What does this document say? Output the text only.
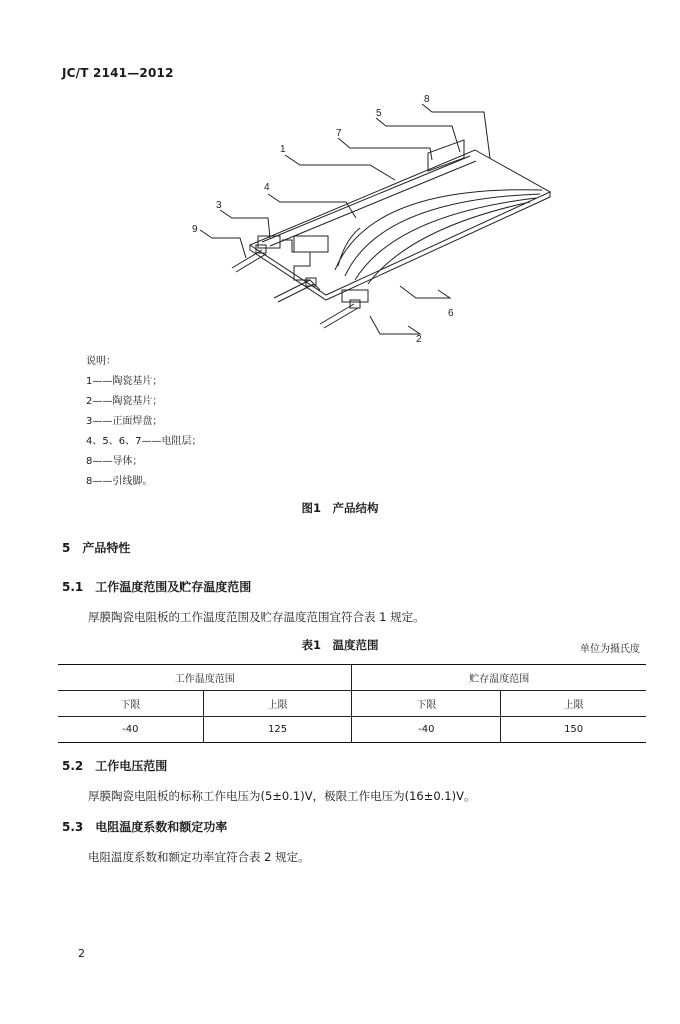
JC/T 2141—2012
1
2
3
4
5
6
7
8
9
说明：
1——陶瓷基片；
2——陶瓷基片；
3——正面焊盘；
4、5、6、7——电阻层；
8——导体；
8——引线脚。
图1　产品结构
5　产品特性
5.1　工作温度范围及贮存温度范围
厚膜陶瓷电阻板的工作温度范围及贮存温度范围宜符合表 1 规定。
表1　温度范围	单位为摄氏度
工作温度范围		贮存温度范围	
下限	上限	下限	上限
-40	125	-40	150
5.2　工作电压范围
厚膜陶瓷电阻板的标称工作电压为(5±0.1)V，极限工作电压为(16±0.1)V。
5.3　电阻温度系数和额定功率
电阻温度系数和额定功率宜符合表 2 规定。
2
